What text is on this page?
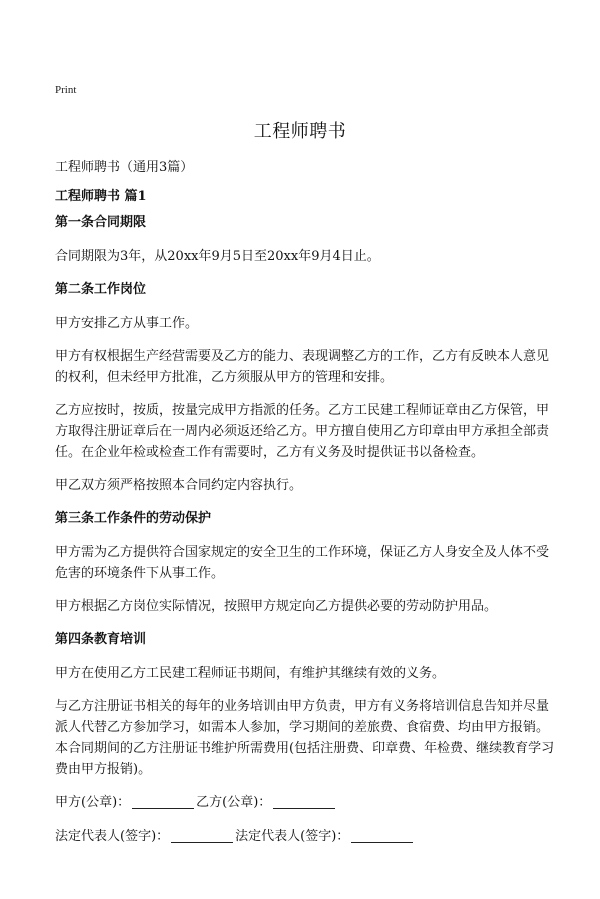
Print
工程师聘书
工程师聘书（通用3篇）
工程师聘书 篇1
第一条合同期限
合同期限为3年，从20xx年9月5日至20xx年9月4日止。
第二条工作岗位
甲方安排乙方从事工作。
甲方有权根据生产经营需要及乙方的能力、表现调整乙方的工作，乙方有反映本人意见的权利，但未经甲方批准，乙方须服从甲方的管理和安排。
乙方应按时，按质，按量完成甲方指派的任务。乙方工民建工程师证章由乙方保管，甲方取得注册证章后在一周内必须返还给乙方。甲方擅自使用乙方印章由甲方承担全部责任。在企业年检或检查工作有需要时，乙方有义务及时提供证书以备检查。
甲乙双方须严格按照本合同约定内容执行。
第三条工作条件的劳动保护
甲方需为乙方提供符合国家规定的安全卫生的工作环境，保证乙方人身安全及人体不受危害的环境条件下从事工作。
甲方根据乙方岗位实际情况，按照甲方规定向乙方提供必要的劳动防护用品。
第四条教育培训
甲方在使用乙方工民建工程师证书期间，有维护其继续有效的义务。
与乙方注册证书相关的每年的业务培训由甲方负责，甲方有义务将培训信息告知并尽量派人代替乙方参加学习，如需本人参加，学习期间的差旅费、食宿费、均由甲方报销。本合同期间的乙方注册证书维护所需费用(包括注册费、印章费、年检费、继续教育学习费由甲方报销)。
甲方(公章)：	乙方(公章)：
法定代表人(签字)：	法定代表人(签字)：
